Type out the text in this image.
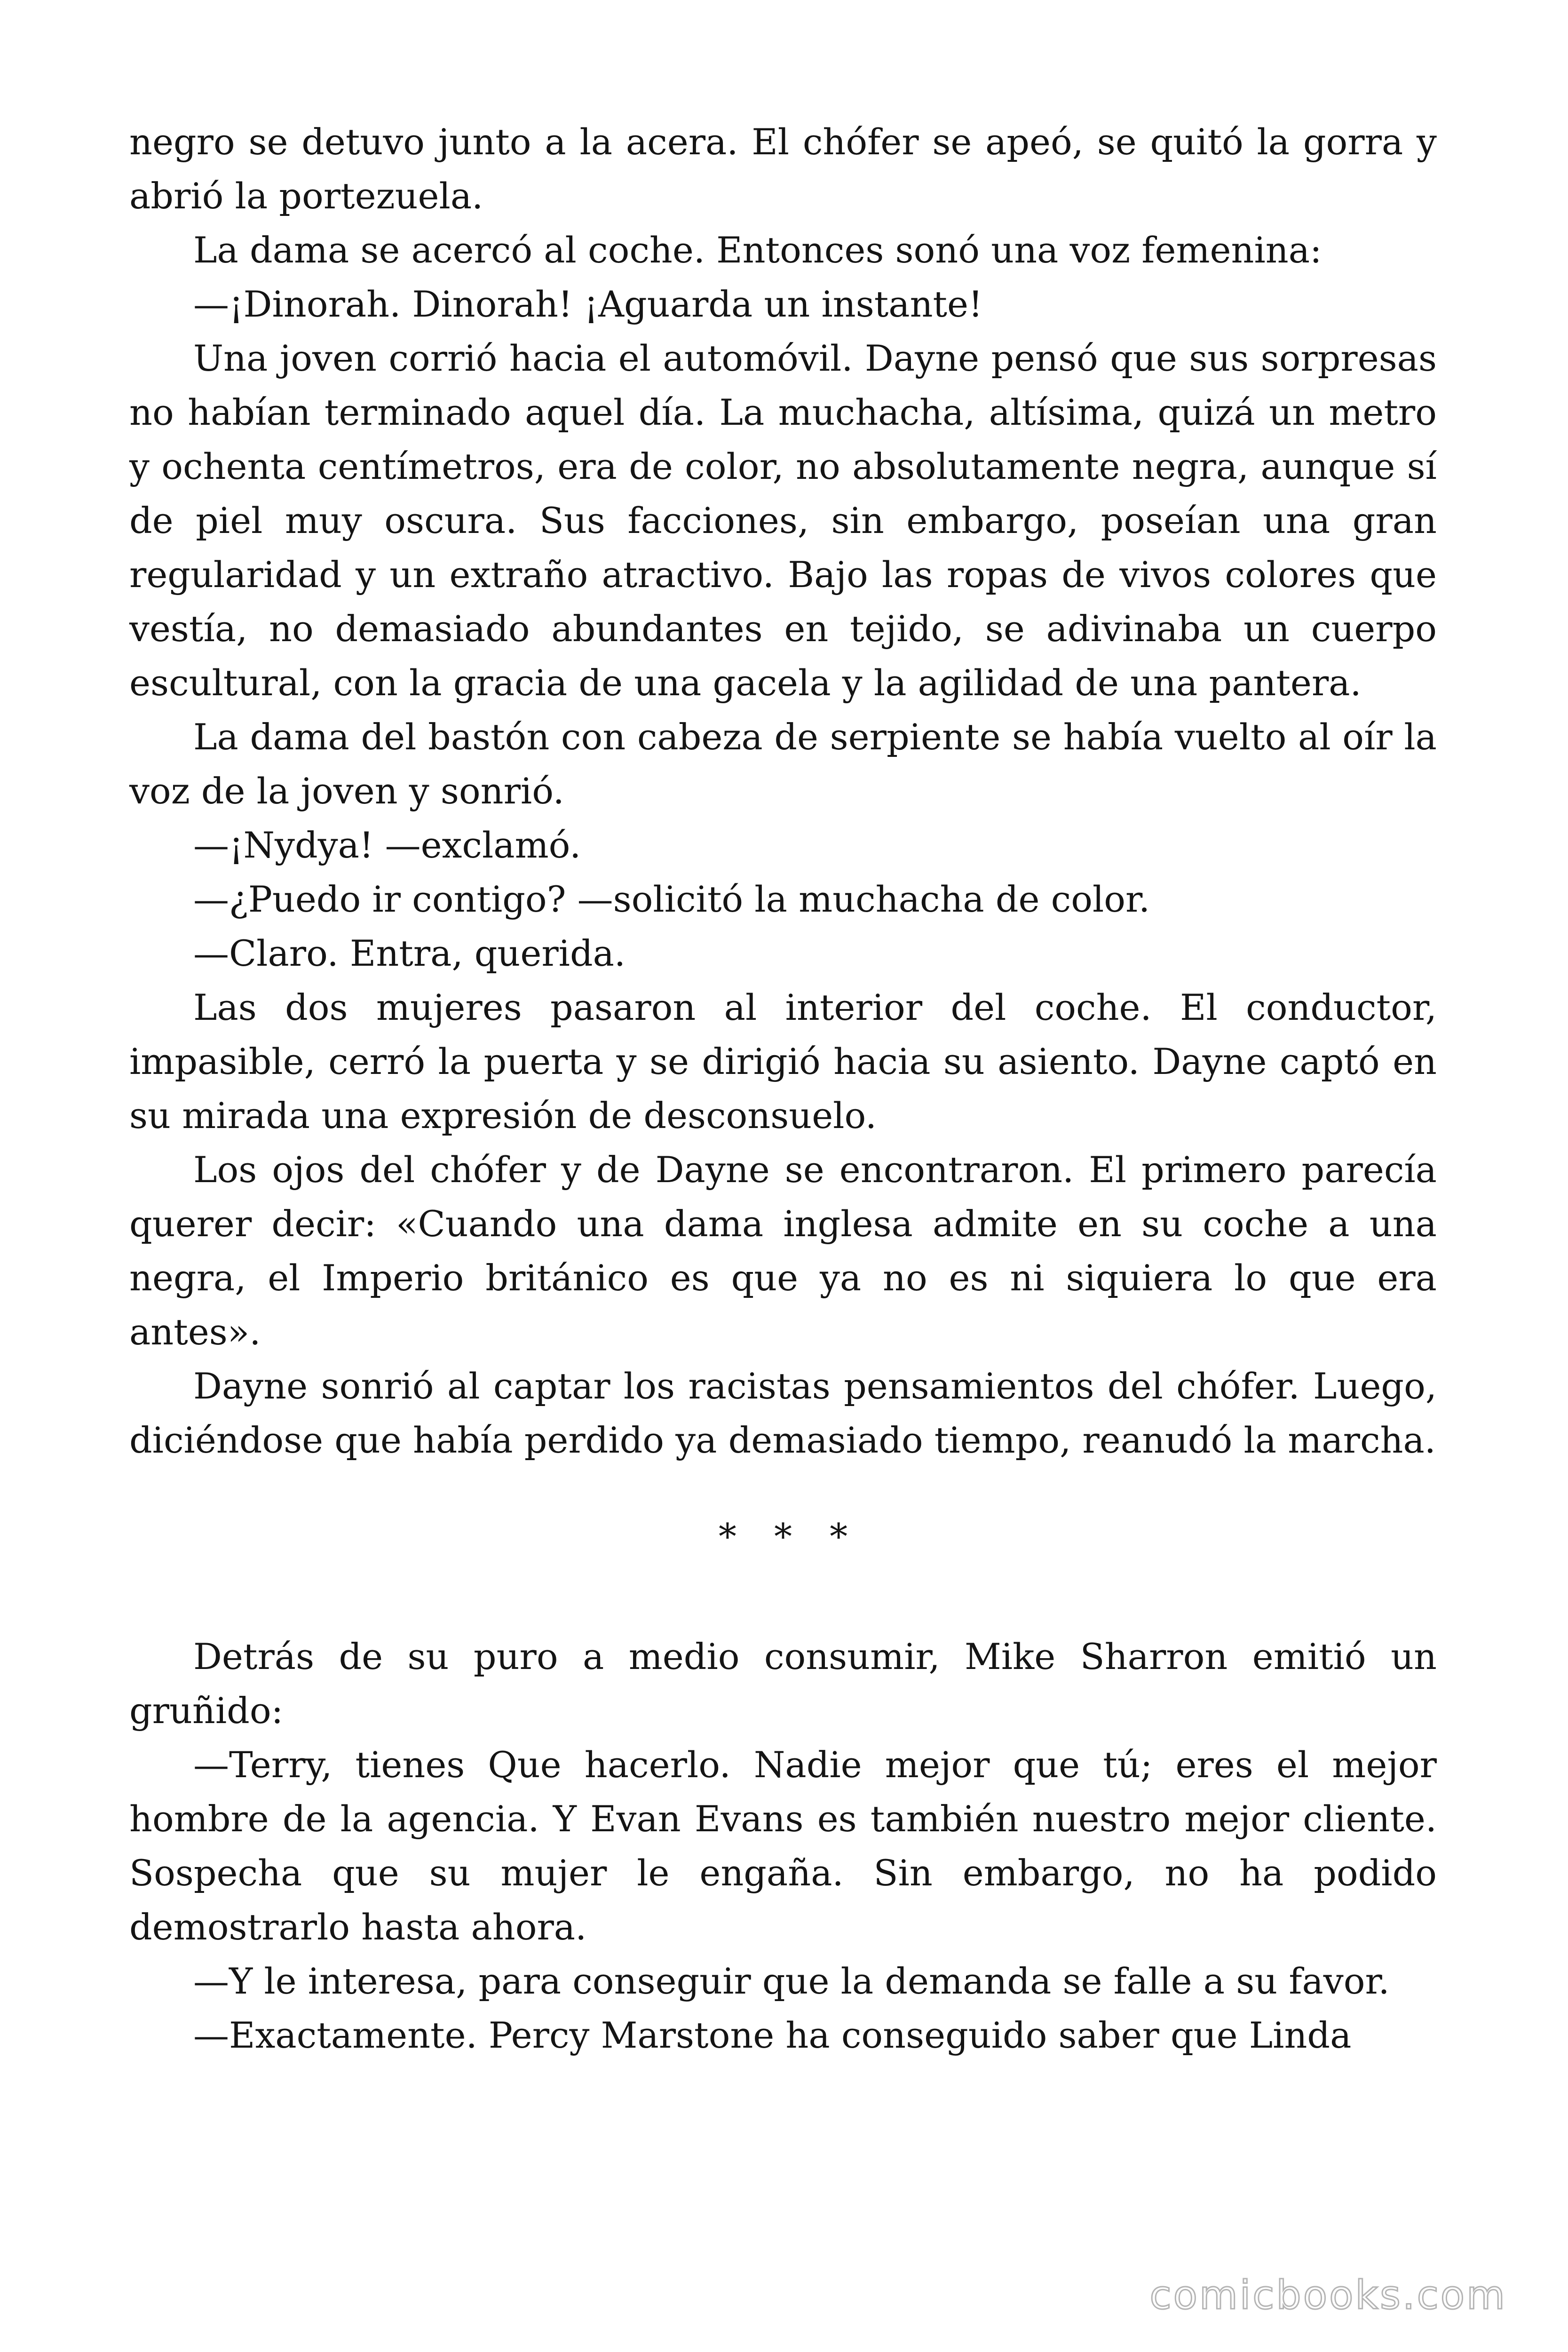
negro se detuvo junto a la acera. El chófer se apeó, se quitó la gorra y abrió la portezuela.

La dama se acercó al coche. Entonces sonó una voz femenina:

—¡Dinorah. Dinorah! ¡Aguarda un instante!

Una joven corrió hacia el automóvil. Dayne pensó que sus sorpresas no habían terminado aquel día. La muchacha, altísima, quizá un metro y ochenta centímetros, era de color, no absolutamente negra, aunque sí de piel muy oscura. Sus facciones, sin embargo, poseían una gran regularidad y un extraño atractivo. Bajo las ropas de vivos colores que vestía, no demasiado abundantes en tejido, se adivinaba un cuerpo escultural, con la gracia de una gacela y la agilidad de una pantera.

La dama del bastón con cabeza de serpiente se había vuelto al oír la voz de la joven y sonrió.

—¡Nydya! —exclamó.

—¿Puedo ir contigo? —solicitó la muchacha de color.

—Claro. Entra, querida.

Las dos mujeres pasaron al interior del coche. El conductor, impasible, cerró la puerta y se dirigió hacia su asiento. Dayne captó en su mirada una expresión de desconsuelo.

Los ojos del chófer y de Dayne se encontraron. El primero parecía querer decir: «Cuando una dama inglesa admite en su coche a una negra, el Imperio británico es que ya no es ni siquiera lo que era antes».

Dayne sonrió al captar los racistas pensamientos del chófer. Luego, diciéndose que había perdido ya demasiado tiempo, reanudó la marcha.

* * *

Detrás de su puro a medio consumir, Mike Sharron emitió un gruñido:

—Terry, tienes Que hacerlo. Nadie mejor que tú; eres el mejor hombre de la agencia. Y Evan Evans es también nuestro mejor cliente. Sospecha que su mujer le engaña. Sin embargo, no ha podido demostrarlo hasta ahora.

—Y le interesa, para conseguir que la demanda se falle a su favor.

—Exactamente. Percy Marstone ha conseguido saber que Linda

comicbooks.com
